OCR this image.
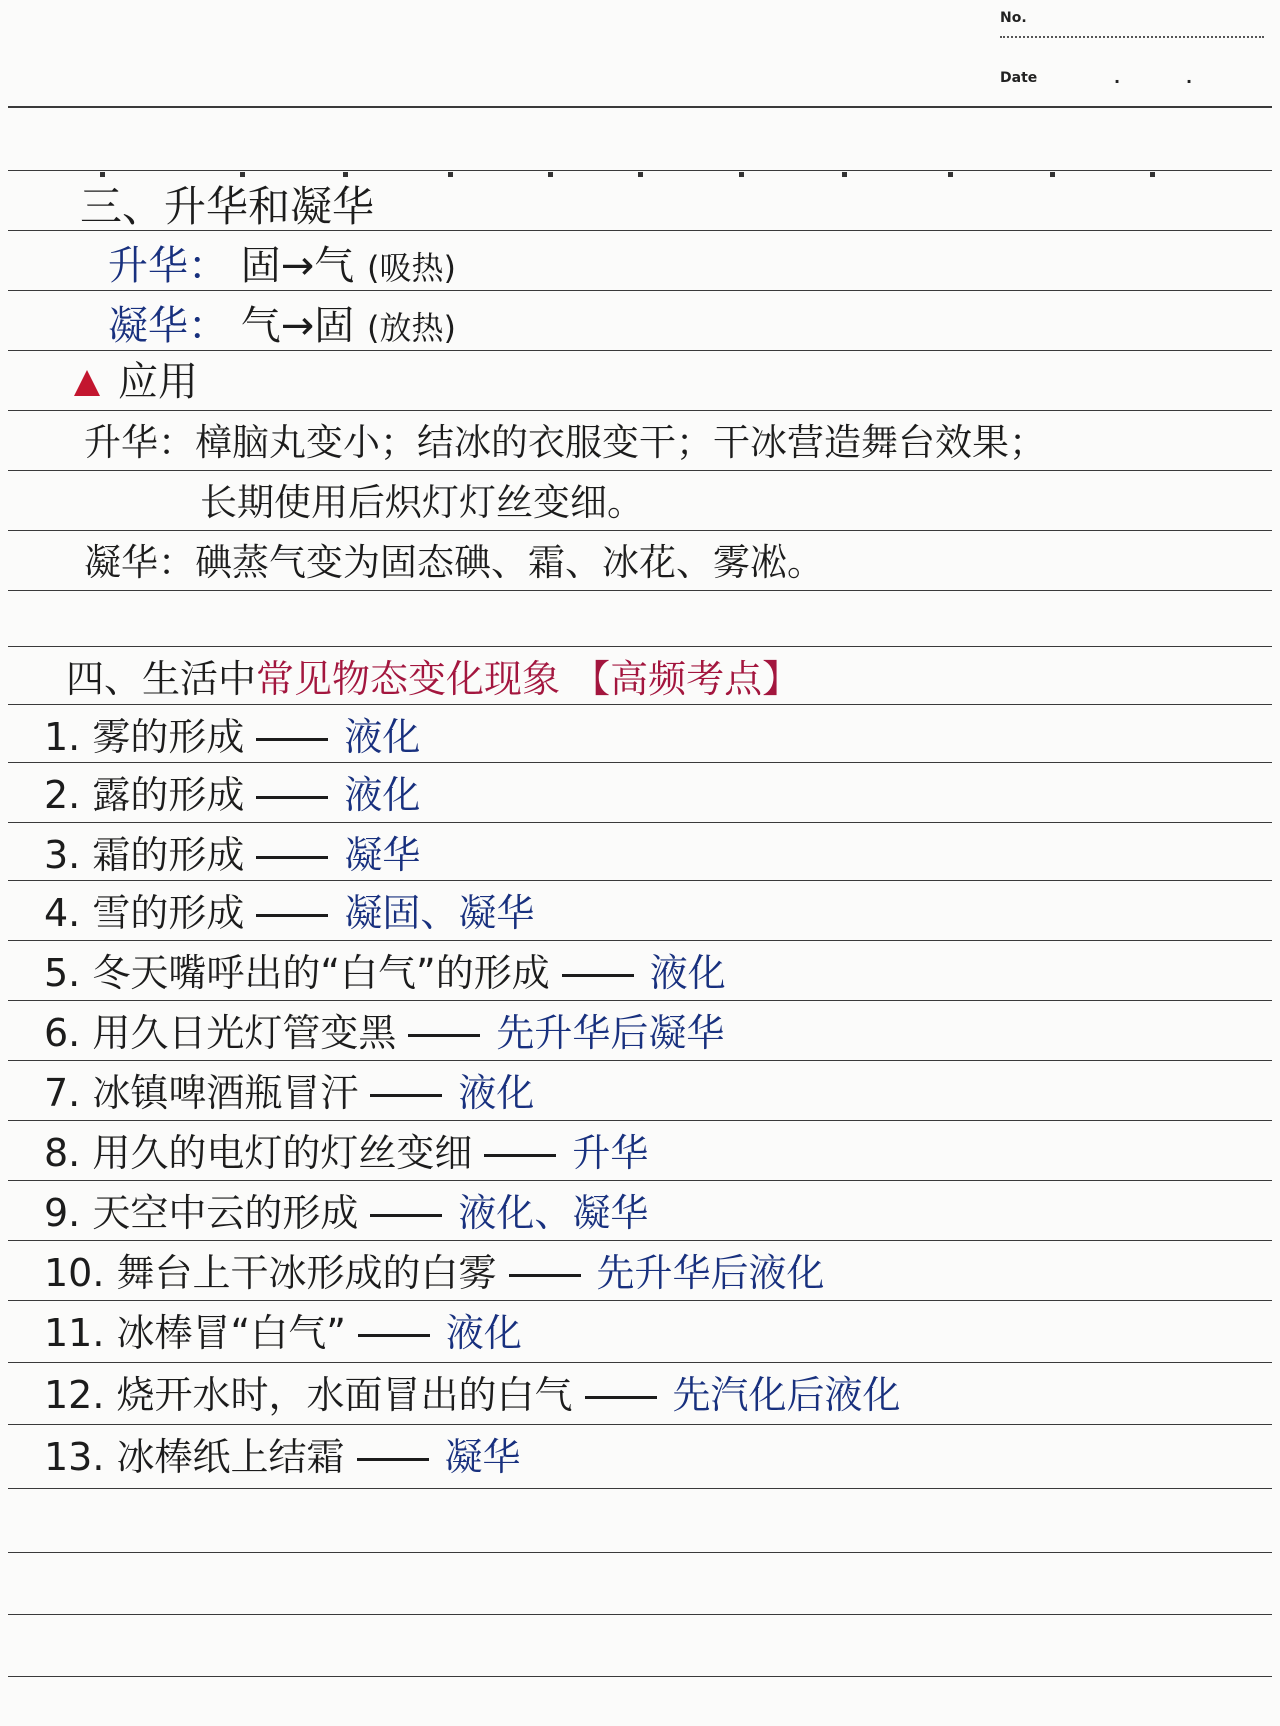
No.
Date	·	·
三、升华和凝华
升华： 固→气 (吸热)
凝华： 气→固 (放热)
应用
升华：樟脑丸变小；结冰的衣服变干；干冰营造舞台效果；
长期使用后炽灯灯丝变细。
凝华：碘蒸气变为固态碘、霜、冰花、雾凇。
四、生活中常见物态变化现象 【高频考点】
1. 雾的形成	液化
2. 露的形成	液化
3. 霜的形成	凝华
4. 雪的形成	凝固、凝华
5. 冬天嘴呼出的“白气”的形成	液化
6. 用久日光灯管变黑	先升华后凝华
7. 冰镇啤酒瓶冒汗	液化
8. 用久的电灯的灯丝变细	升华
9. 天空中云的形成	液化、凝华
10. 舞台上干冰形成的白雾	先升华后液化
11. 冰棒冒“白气”	液化
12. 烧开水时，水面冒出的白气	先汽化后液化
13. 冰棒纸上结霜	凝华
